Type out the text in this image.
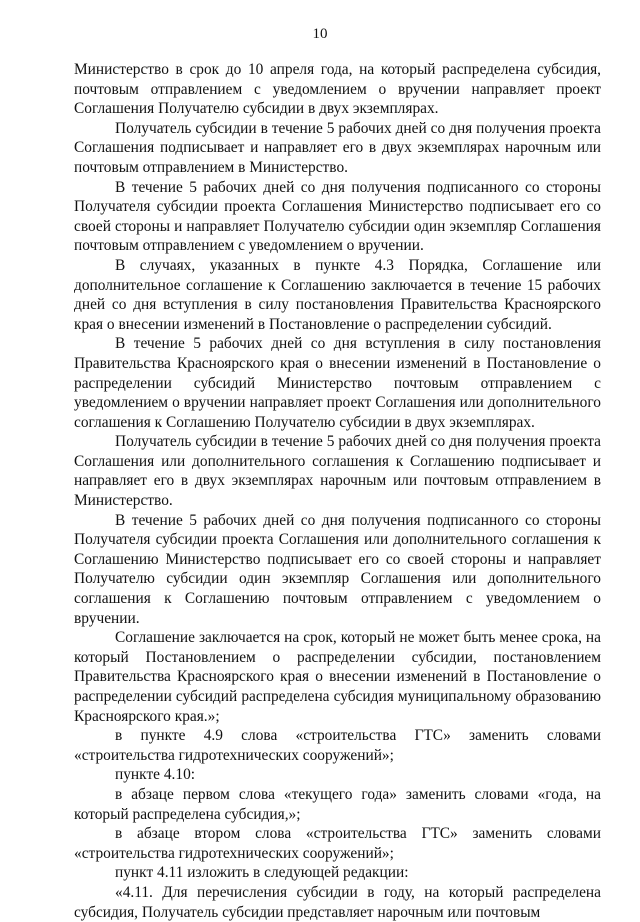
10

Министерство в срок до 10 апреля года, на который распределена субсидия, почтовым отправлением с уведомлением о вручении направляет проект Соглашения Получателю субсидии в двух экземплярах.

Получатель субсидии в течение 5 рабочих дней со дня получения проекта Соглашения подписывает и направляет его в двух экземплярах нарочным или почтовым отправлением в Министерство.

В течение 5 рабочих дней со дня получения подписанного со стороны Получателя субсидии проекта Соглашения Министерство подписывает его со своей стороны и направляет Получателю субсидии один экземпляр Соглашения почтовым отправлением с уведомлением о вручении.

В случаях, указанных в пункте 4.3 Порядка, Соглашение или дополнительное соглашение к Соглашению заключается в течение 15 рабочих дней со дня вступления в силу постановления Правительства Красноярского края о внесении изменений в Постановление о распределении субсидий.

В течение 5 рабочих дней со дня вступления в силу постановления Правительства Красноярского края о внесении изменений в Постановление о распределении субсидий Министерство почтовым отправлением с уведомлением о вручении направляет проект Соглашения или дополнительного соглашения к Соглашению Получателю субсидии в двух экземплярах.

Получатель субсидии в течение 5 рабочих дней со дня получения проекта Соглашения или дополнительного соглашения к Соглашению подписывает и направляет его в двух экземплярах нарочным или почтовым отправлением в Министерство.

В течение 5 рабочих дней со дня получения подписанного со стороны Получателя субсидии проекта Соглашения или дополнительного соглашения к Соглашению Министерство подписывает его со своей стороны и направляет Получателю субсидии один экземпляр Соглашения или дополнительного соглашения к Соглашению почтовым отправлением с уведомлением о вручении.

Соглашение заключается на срок, который не может быть менее срока, на который Постановлением о распределении субсидии, постановлением Правительства Красноярского края о внесении изменений в Постановление о распределении субсидий распределена субсидия муниципальному образованию Красноярского края.»;

в пункте 4.9 слова «строительства ГТС» заменить словами «строительства гидротехнических сооружений»;

пункте 4.10:

в абзаце первом слова «текущего года» заменить словами «года, на который распределена субсидия,»;

в абзаце втором слова «строительства ГТС» заменить словами «строительства гидротехнических сооружений»;

пункт 4.11 изложить в следующей редакции:

«4.11. Для перечисления субсидии в году, на который распределена субсидия, Получатель субсидии представляет нарочным или почтовым
